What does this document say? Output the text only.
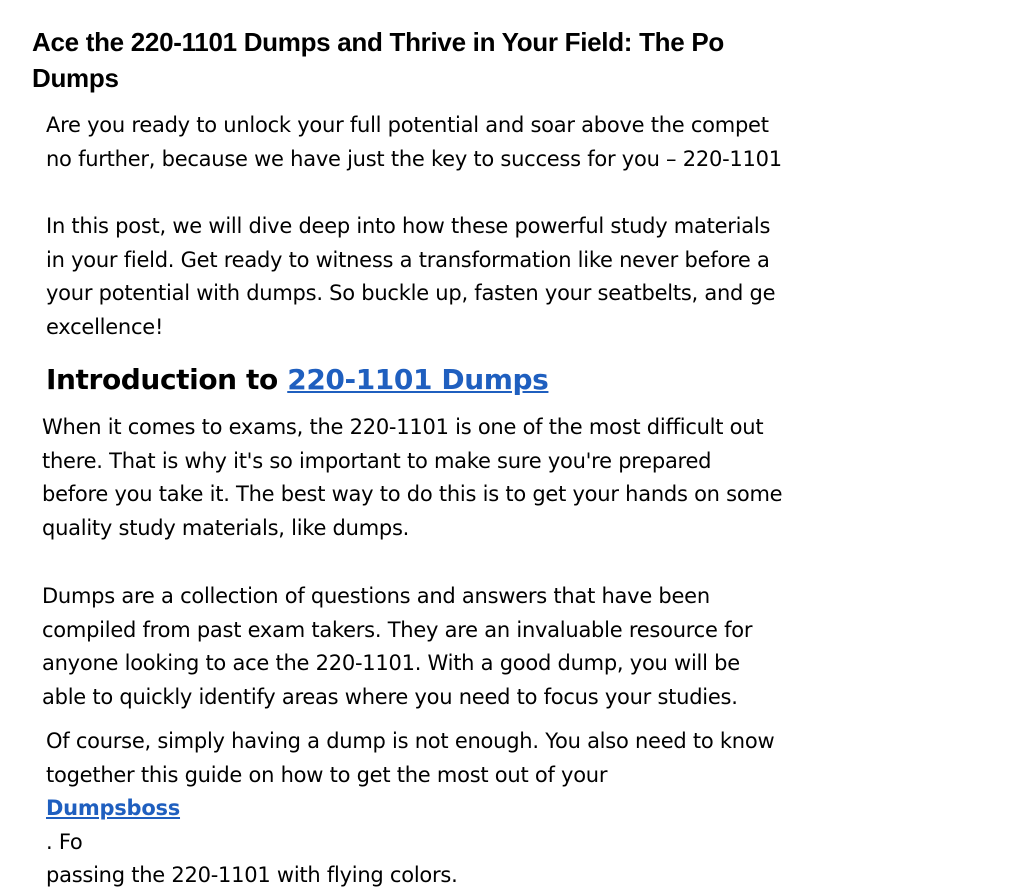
Ace the 220-1101 Dumps and Thrive in Your Field: The Po
Dumps

Are you ready to unlock your full potential and soar above the compet
no further, because we have just the key to success for you – 220-1101

In this post, we will dive deep into how these powerful study materials
in your field. Get ready to witness a transformation like never before a
your potential with dumps. So buckle up, fasten your seatbelts, and ge
excellence!

Introduction to 220-1101 Dumps

When it comes to exams, the 220-1101 is one of the most difficult out
there. That is why it's so important to make sure you're prepared
before you take it. The best way to do this is to get your hands on some
quality study materials, like dumps.

Dumps are a collection of questions and answers that have been
compiled from past exam takers. They are an invaluable resource for
anyone looking to ace the 220-1101. With a good dump, you will be
able to quickly identify areas where you need to focus your studies.

Of course, simply having a dump is not enough. You also need to know
together this guide on how to get the most out of your
Dumpsboss
. Fo
passing the 220-1101 with flying colors.
